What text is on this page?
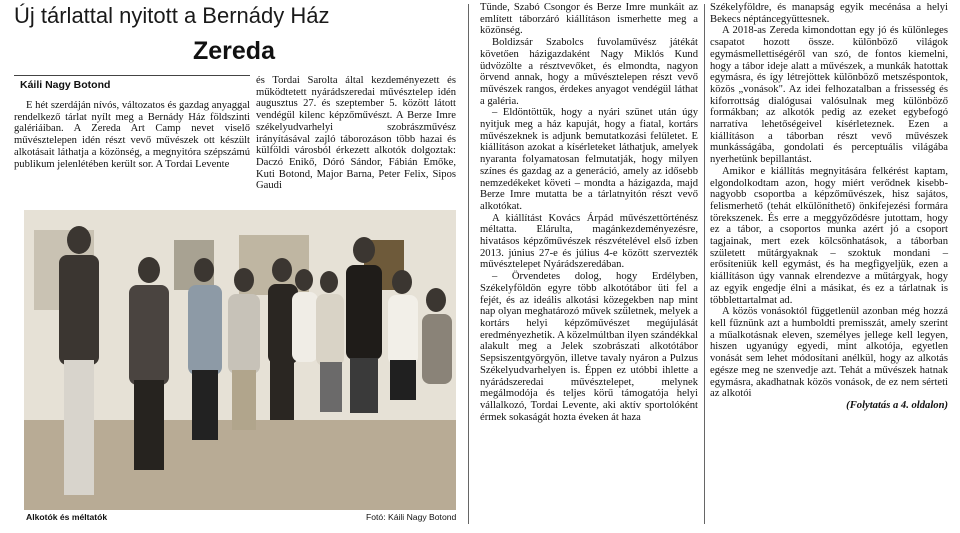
Új tárlattal nyitott a Bernády Ház
Zereda
Káili Nagy Botond

E hét szerdáján nívós, változatos és gazdag anyaggal rendelkező tárlat nyílt meg a Bernády Ház földszinti galériáiban. A Zereda Art Camp nevet viselő művésztelepen idén részt vevő művészek ott készült alkotásait láthatja a közönség, a megnyitóra szépszámú publikum jelenlétében került sor. A Tordai Levente

és Tordai Sarolta által kezdeményezett és működtetett nyárádszeredai művésztelep idén augusztus 27. és szeptember 5. között látott vendégül kilenc képzőművészt. A Berze Imre székelyudvarhelyi szobrászművész irányításával zajló táborozáson több hazai és külföldi városból érkezett alkotók dolgoztak: Daczó Enikő, Dóró Sándor, Fábián Emőke, Kuti Botond, Major Barna, Peter Felix, Sipos Gaudi

Tünde, Szabó Csongor és Berze Imre munkáit az említett táborzáró kiállításon ismerhette meg a közönség.

Boldizsár Szabolcs fuvolaművész játékát követően házigazdaként Nagy Miklós Kund üdvözölte a résztvevőket, és elmondta, nagyon örvend annak, hogy a művésztelepen részt vevő művészek rangos, érdekes anyagot vendégül láthat a galéria.

– Eldöntöttük, hogy a nyári szünet után úgy nyitjuk meg a ház kapuját, hogy a fiatal, kortárs művészeknek is adjunk bemutatkozási felületet. E kiállításon azokat a kísérleteket láthatjuk, amelyek nyaranta folyamatosan felmutatják, hogy milyen színes és gazdag az a generáció, amely az idősebb nemzedékeket követi – mondta a házigazda, majd Berze Imre mutatta be a tárlatnyitón részt vevő alkotókat.

A kiállítást Kovács Árpád művészettörténész méltatta. Elárulta, magánkezdeményezésre, hivatásos képzőművészek részvételével első ízben 2013. június 27-e és július 4-e között szervezték művésztelepet Nyárádszeredában.

– Örvendetes dolog, hogy Erdélyben, Székelyföldön egyre több alkotótábor üti fel a fejét, és az ideális alkotási közegekben nap mint nap olyan meghatározó művek születnek, melyek a kortárs helyi képzőművészet megújulását eredményezhetik. A közelmúltban ilyen szándékkal alakult meg a Jelek szobrászati alkotótábor Sepsiszentgyörgyön, illetve tavaly nyáron a Pulzus Székelyudvarhelyen is. Éppen ez utóbbi ihlette a nyárádszeredai művésztelepet, melynek megálmodója és teljes körű támogatója helyi vállalkozó, Tordai Levente, aki aktív sportolóként érmek sokaságát hozta éveken át haza

Székelyföldre, és manapság egyik mecénása a helyi Bekecs néptáncegyüttesnek.

A 2018-as Zereda kimondottan egy jó és különleges csapatot hozott össze. különböző világok egymásmellettiségéről van szó, de fontos kiemelni, hogy a tábor ideje alatt a művészek, a munkák hatottak egymásra, és így létrejöttek különböző metszéspontok, közös „vonások". Az idei felhozatalban a frissesség és kiforrottság dialógusai valósulnak meg különböző formákban; az alkotók pedig az ezeket egybefogó narratíva lehetőségeivel kísérleteznek. Ezen a kiállításon a táborban részt vevő művészek munkásságába, gondolati és perceptuális világába nyerhetünk bepillantást.

Amikor e kiállítás megnyitására felkérést kaptam, elgondolkodtam azon, hogy miért verődnek kisebb-nagyobb csoportba a képzőművészek, hisz sajátos, felismerhető (tehát elkülöníthető) önkifejezési formára törekszenek. És erre a meggyőződésre jutottam, hogy ez a tábor, a csoportos munka azért jó a csoport tagjainak, mert ezek kölcsönhatások, a táborban született műtárgyaknak – szoktuk mondani – erősíteniük kell egymást, és ha megfigyeljük, ezen a kiállításon úgy vannak elrendezve a műtárgyak, hogy az egyik engedje élni a másikat, és ez a tárlatnak is többlettartalmat ad.

A közös vonásoktól függetlenül azonban még hozzá kell fűznünk azt a humboldti premisszát, amely szerint a műalkotásnak eleven, személyes jellege kell legyen, hiszen ugyanúgy egyedi, mint alkotója, egyetlen vonását sem lehet módosítani anélkül, hogy az alkotás egésze meg ne szenvedje azt. Tehát a művészek hatnak egymásra, akadhatnak közös vonások, de ez nem sérteti az alkotói

(Folytatás a 4. oldalon)

Alkotók és méltatók	Fotó: Káili Nagy Botond
